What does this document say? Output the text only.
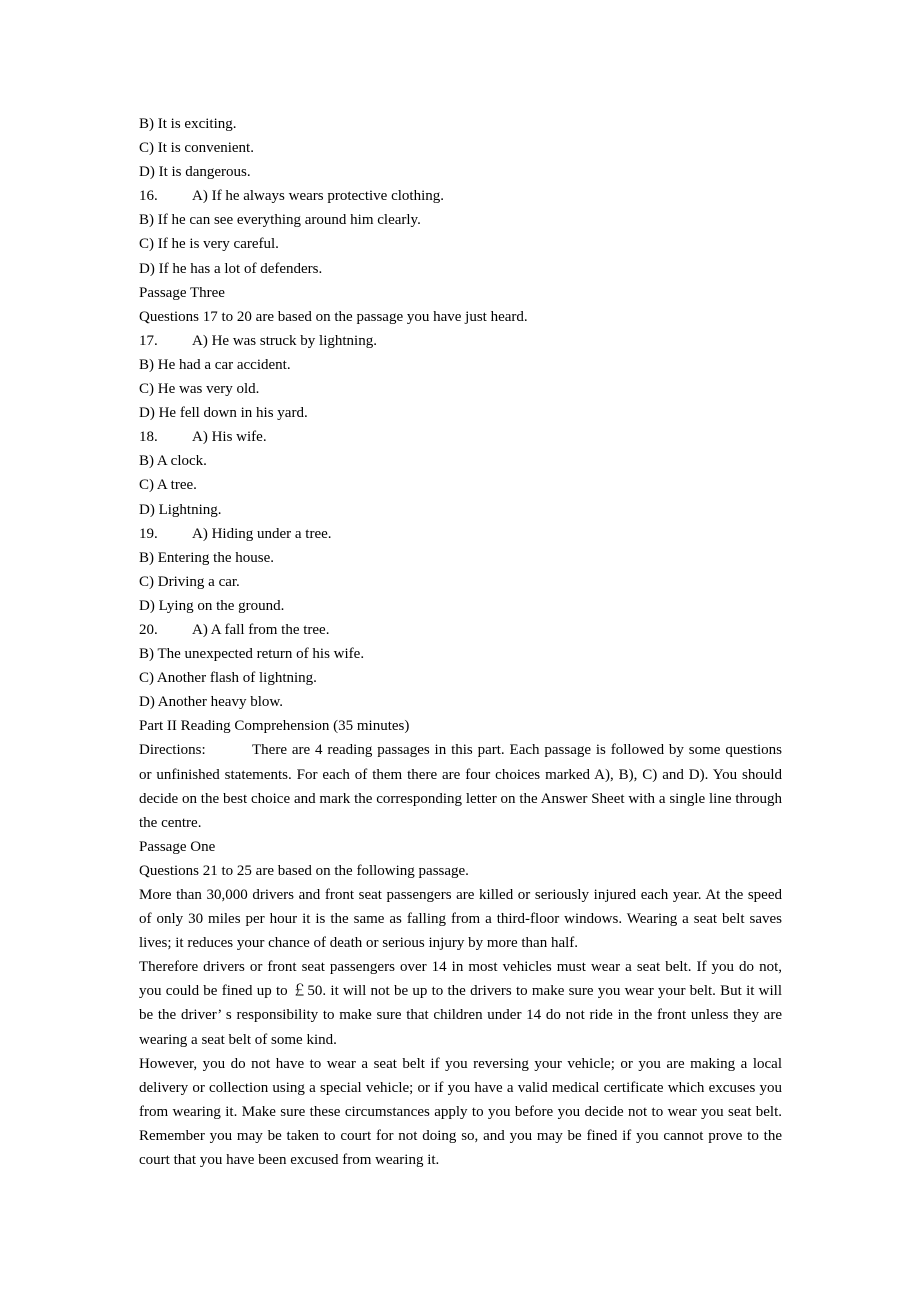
B) It is exciting.
C) It is convenient.
D) It is dangerous.
16. A) If he always wears protective clothing.
B) If he can see everything around him clearly.
C) If he is very careful.
D) If he has a lot of defenders.
Passage Three
Questions 17 to 20 are based on the passage you have just heard.
17. A) He was struck by lightning.
B) He had a car accident.
C) He was very old.
D) He fell down in his yard.
18. A) His wife.
B) A clock.
C) A tree.
D) Lightning.
19. A) Hiding under a tree.
B) Entering the house.
C) Driving a car.
D) Lying on the ground.
20. A) A fall from the tree.
B) The unexpected return of his wife.
C) Another flash of lightning.
D) Another heavy blow.
Part II Reading Comprehension (35 minutes)
Directions:	There are 4 reading passages in this part. Each passage is followed by some questions or unfinished statements. For each of them there are four choices marked A), B), C) and D). You should decide on the best choice and mark the corresponding letter on the Answer Sheet with a single line through the centre.
Passage One
Questions 21 to 25 are based on the following passage.
More than 30,000 drivers and front seat passengers are killed or seriously injured each year. At the speed of only 30 miles per hour it is the same as falling from a third-floor windows. Wearing a seat belt saves lives; it reduces your chance of death or serious injury by more than half.
Therefore drivers or front seat passengers over 14 in most vehicles must wear a seat belt. If you do not, you could be fined up to ￡50. it will not be up to the drivers to make sure you wear your belt. But it will be the driver’ s responsibility to make sure that children under 14 do not ride in the front unless they are wearing a seat belt of some kind.
However, you do not have to wear a seat belt if you reversing your vehicle; or you are making a local delivery or collection using a special vehicle; or if you have a valid medical certificate which excuses you from wearing it. Make sure these circumstances apply to you before you decide not to wear you seat belt. Remember you may be taken to court for not doing so, and you may be fined if you cannot prove to the court that you have been excused from wearing it.
